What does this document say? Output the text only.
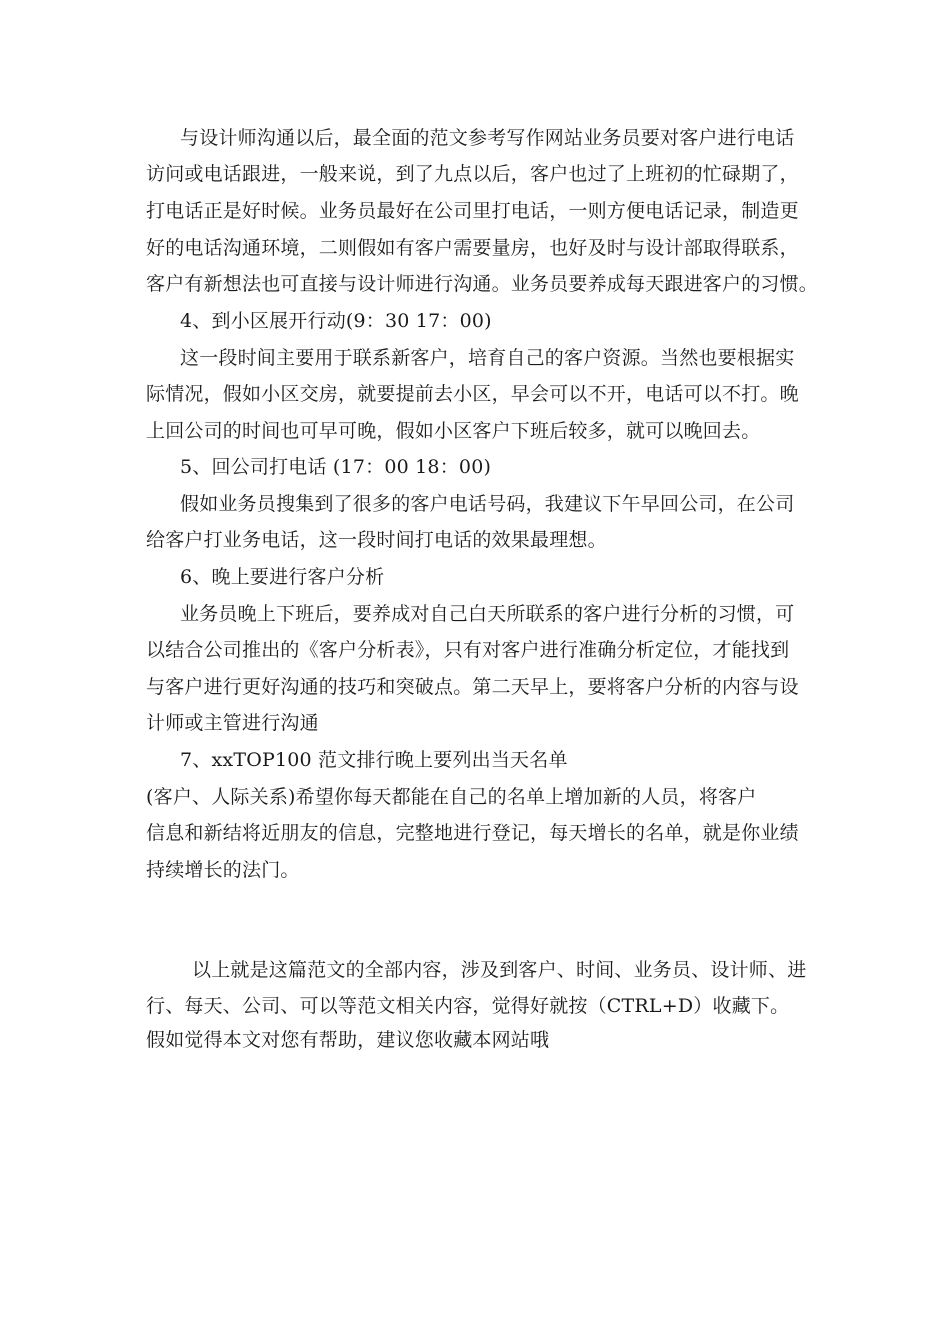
与设计师沟通以后，最全面的范文参考写作网站业务员要对客户进行电话
访问或电话跟进，一般来说，到了九点以后，客户也过了上班初的忙碌期了，
打电话正是好时候。业务员最好在公司里打电话，一则方便电话记录，制造更
好的电话沟通环境，二则假如有客户需要量房，也好及时与设计部取得联系，
客户有新想法也可直接与设计师进行沟通。业务员要养成每天跟进客户的习惯。
4、到小区展开行动(9：30 17：00)
这一段时间主要用于联系新客户，培育自己的客户资源。当然也要根据实
际情况，假如小区交房，就要提前去小区，早会可以不开，电话可以不打。晚
上回公司的时间也可早可晚，假如小区客户下班后较多，就可以晚回去。
5、回公司打电话 (17：00 18：00)
假如业务员搜集到了很多的客户电话号码，我建议下午早回公司，在公司
给客户打业务电话，这一段时间打电话的效果最理想。
6、晚上要进行客户分析
业务员晚上下班后，要养成对自己白天所联系的客户进行分析的习惯，可
以结合公司推出的《客户分析表》，只有对客户进行准确分析定位，才能找到
与客户进行更好沟通的技巧和突破点。第二天早上，要将客户分析的内容与设
计师或主管进行沟通
7、xxTOP100 范文排行晚上要列出当天名单
(客户、人际关系)希望你每天都能在自己的名单上增加新的人员，将客户
信息和新结将近朋友的信息，完整地进行登记，每天增长的名单，就是你业绩
持续增长的法门。
以上就是这篇范文的全部内容，涉及到客户、时间、业务员、设计师、进
行、每天、公司、可以等范文相关内容，觉得好就按（CTRL+D）收藏下。
假如觉得本文对您有帮助，建议您收藏本网站哦
